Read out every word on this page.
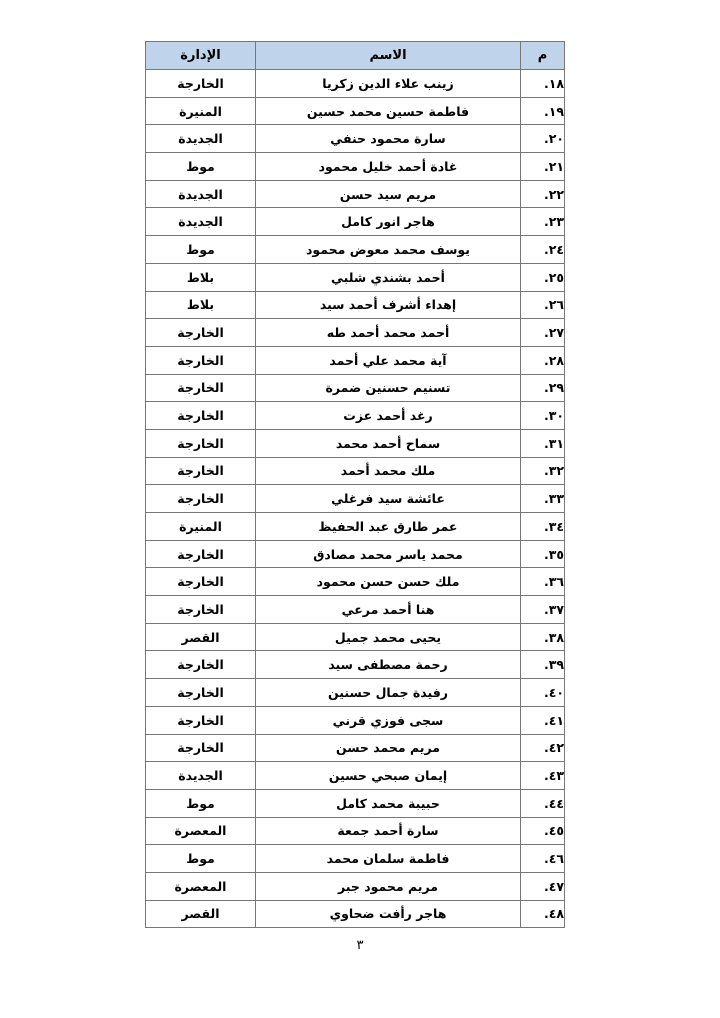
م	الاسم	الإدارة
١٨.	زينب علاء الدين زكريا	الخارجة
١٩.	فاطمة حسين محمد حسين	المنيرة
٢٠.	سارة محمود حنفي	الجديدة
٢١.	غادة أحمد خليل محمود	موط
٢٢.	مريم سيد حسن	الجديدة
٢٣.	هاجر انور كامل	الجديدة
٢٤.	يوسف محمد معوض محمود	موط
٢٥.	أحمد بشندي شلبي	بلاط
٢٦.	إهداء أشرف أحمد سيد	بلاط
٢٧.	أحمد محمد أحمد طه	الخارجة
٢٨.	آية محمد علي أحمد	الخارجة
٢٩.	تسنيم حسنين ضمرة	الخارجة
٣٠.	رغد أحمد عزت	الخارجة
٣١.	سماح أحمد محمد	الخارجة
٣٢.	ملك محمد أحمد	الخارجة
٣٣.	عائشة سيد فرغلي	الخارجة
٣٤.	عمر طارق عبد الحفيظ	المنيرة
٣٥.	محمد ياسر محمد مصادق	الخارجة
٣٦.	ملك حسن حسن محمود	الخارجة
٣٧.	هنا أحمد مرعي	الخارجة
٣٨.	يحيى محمد جميل	القصر
٣٩.	رحمة مصطفى سيد	الخارجة
٤٠.	رفيدة جمال حسنين	الخارجة
٤١.	سجى فوزي قرني	الخارجة
٤٢.	مريم محمد حسن	الخارجة
٤٣.	إيمان صبحي حسين	الجديدة
٤٤.	حبيبة محمد كامل	موط
٤٥.	سارة أحمد جمعة	المعصرة
٤٦.	فاطمة سلمان محمد	موط
٤٧.	مريم محمود جبر	المعصرة
٤٨.	هاجر رأفت ضحاوي	القصر
٣
